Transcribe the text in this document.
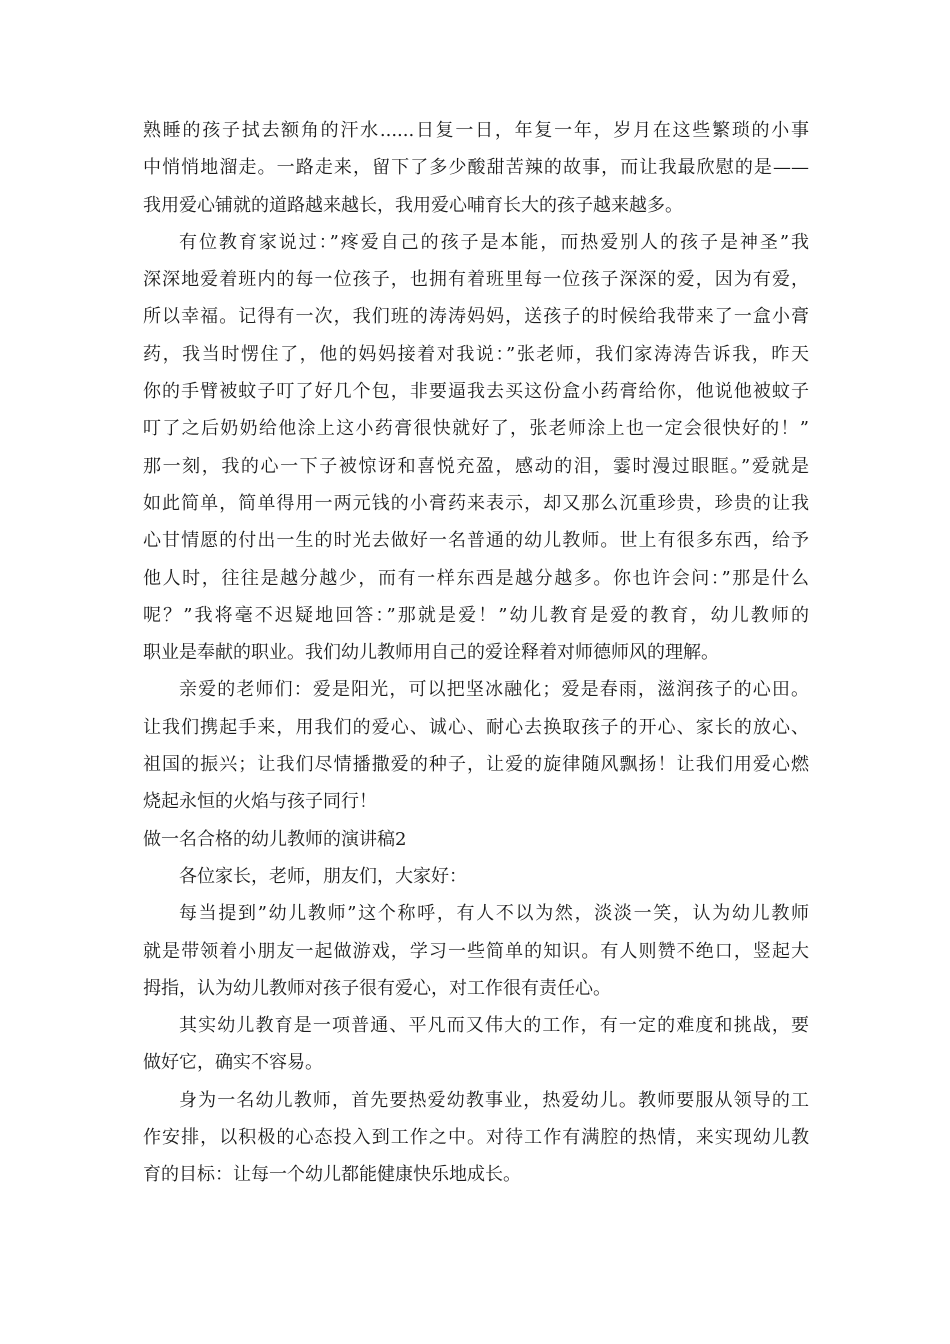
熟睡的孩子拭去额角的汗水......日复一日，年复一年，岁月在这些繁琐的小事
中悄悄地溜走。一路走来，留下了多少酸甜苦辣的故事，而让我最欣慰的是——
我用爱心铺就的道路越来越长，我用爱心哺育长大的孩子越来越多。
有位教育家说过：”疼爱自己的孩子是本能，而热爱别人的孩子是神圣”我
深深地爱着班内的每一位孩子，也拥有着班里每一位孩子深深的爱，因为有爱，
所以幸福。记得有一次，我们班的涛涛妈妈，送孩子的时候给我带来了一盒小膏
药，我当时愣住了，他的妈妈接着对我说：”张老师，我们家涛涛告诉我，昨天
你的手臂被蚊子叮了好几个包，非要逼我去买这份盒小药膏给你，他说他被蚊子
叮了之后奶奶给他涂上这小药膏很快就好了，张老师涂上也一定会很快好的！”
那一刻，我的心一下子被惊讶和喜悦充盈，感动的泪，霎时漫过眼眶。”爱就是
如此简单，简单得用一两元钱的小膏药来表示，却又那么沉重珍贵，珍贵的让我
心甘情愿的付出一生的时光去做好一名普通的幼儿教师。世上有很多东西，给予
他人时，往往是越分越少，而有一样东西是越分越多。你也许会问：”那是什么
呢？”我将毫不迟疑地回答：”那就是爱！”幼儿教育是爱的教育，幼儿教师的
职业是奉献的职业。我们幼儿教师用自己的爱诠释着对师德师风的理解。
亲爱的老师们：爱是阳光，可以把坚冰融化；爱是春雨，滋润孩子的心田。
让我们携起手来，用我们的爱心、诚心、耐心去换取孩子的开心、家长的放心、
祖国的振兴；让我们尽情播撒爱的种子，让爱的旋律随风飘扬！让我们用爱心燃
烧起永恒的火焰与孩子同行！
做一名合格的幼儿教师的演讲稿2
各位家长，老师，朋友们，大家好：
每当提到”幼儿教师”这个称呼，有人不以为然，淡淡一笑，认为幼儿教师
就是带领着小朋友一起做游戏，学习一些简单的知识。有人则赞不绝口，竖起大
拇指，认为幼儿教师对孩子很有爱心，对工作很有责任心。
其实幼儿教育是一项普通、平凡而又伟大的工作，有一定的难度和挑战，要
做好它，确实不容易。
身为一名幼儿教师，首先要热爱幼教事业，热爱幼儿。教师要服从领导的工
作安排，以积极的心态投入到工作之中。对待工作有满腔的热情，来实现幼儿教
育的目标：让每一个幼儿都能健康快乐地成长。
